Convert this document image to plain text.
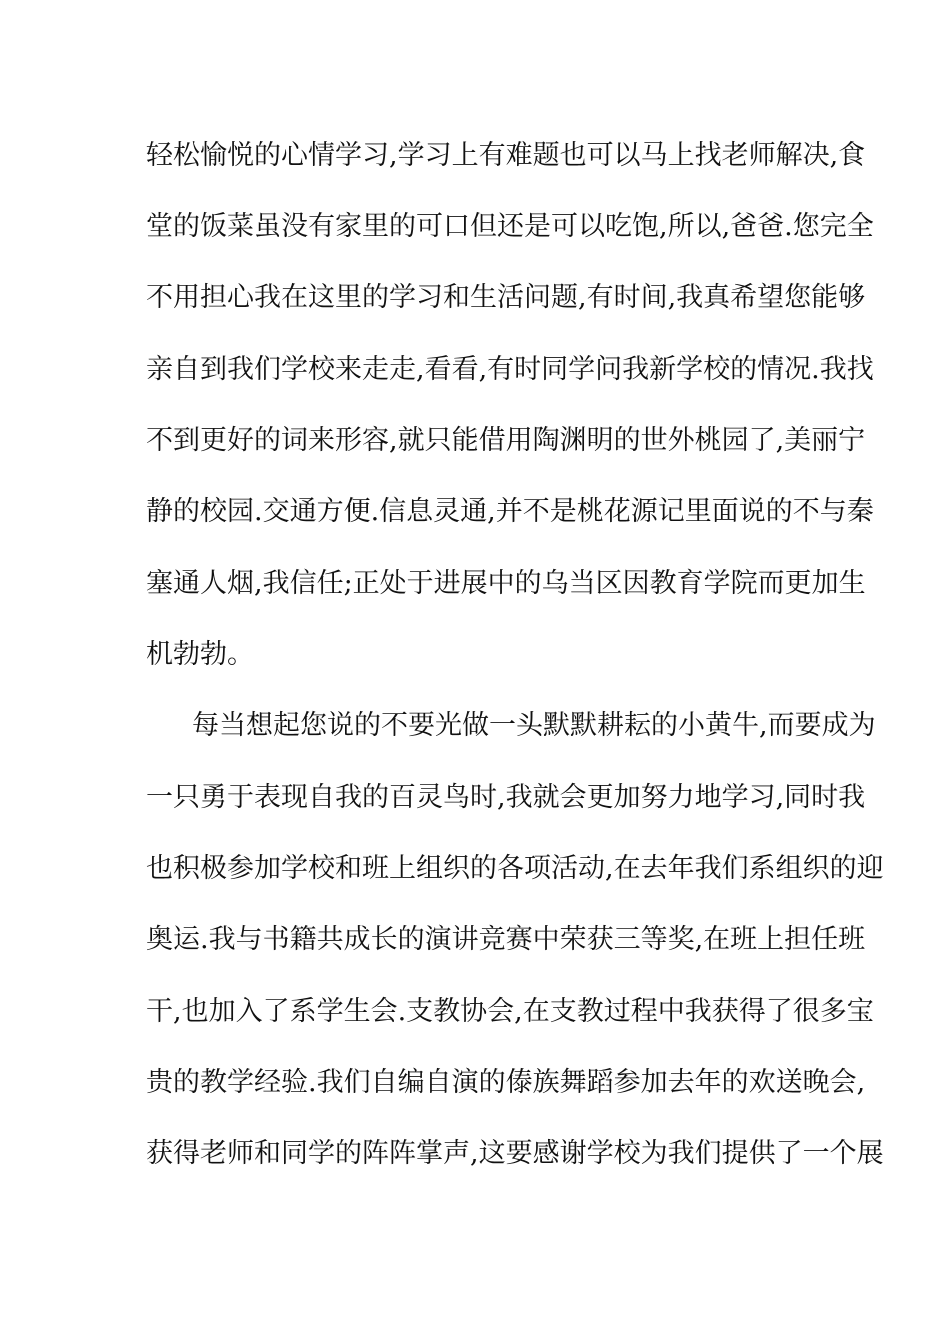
轻松愉悦的心情学习,学习上有难题也可以马上找老师解决,食

堂的饭菜虽没有家里的可口但还是可以吃饱,所以,爸爸.您完全

不用担心我在这里的学习和生活问题,有时间,我真希望您能够

亲自到我们学校来走走,看看,有时同学问我新学校的情况.我找

不到更好的词来形容,就只能借用陶渊明的世外桃园了,美丽宁

静的校园.交通方便.信息灵通,并不是桃花源记里面说的不与秦

塞通人烟,我信任;正处于进展中的乌当区因教育学院而更加生

机勃勃。

每当想起您说的不要光做一头默默耕耘的小黄牛,而要成为

一只勇于表现自我的百灵鸟时,我就会更加努力地学习,同时我

也积极参加学校和班上组织的各项活动,在去年我们系组织的迎

奥运.我与书籍共成长的演讲竞赛中荣获三等奖,在班上担任班

干,也加入了系学生会.支教协会,在支教过程中我获得了很多宝

贵的教学经验.我们自编自演的傣族舞蹈参加去年的欢送晚会,

获得老师和同学的阵阵掌声,这要感谢学校为我们提供了一个展
